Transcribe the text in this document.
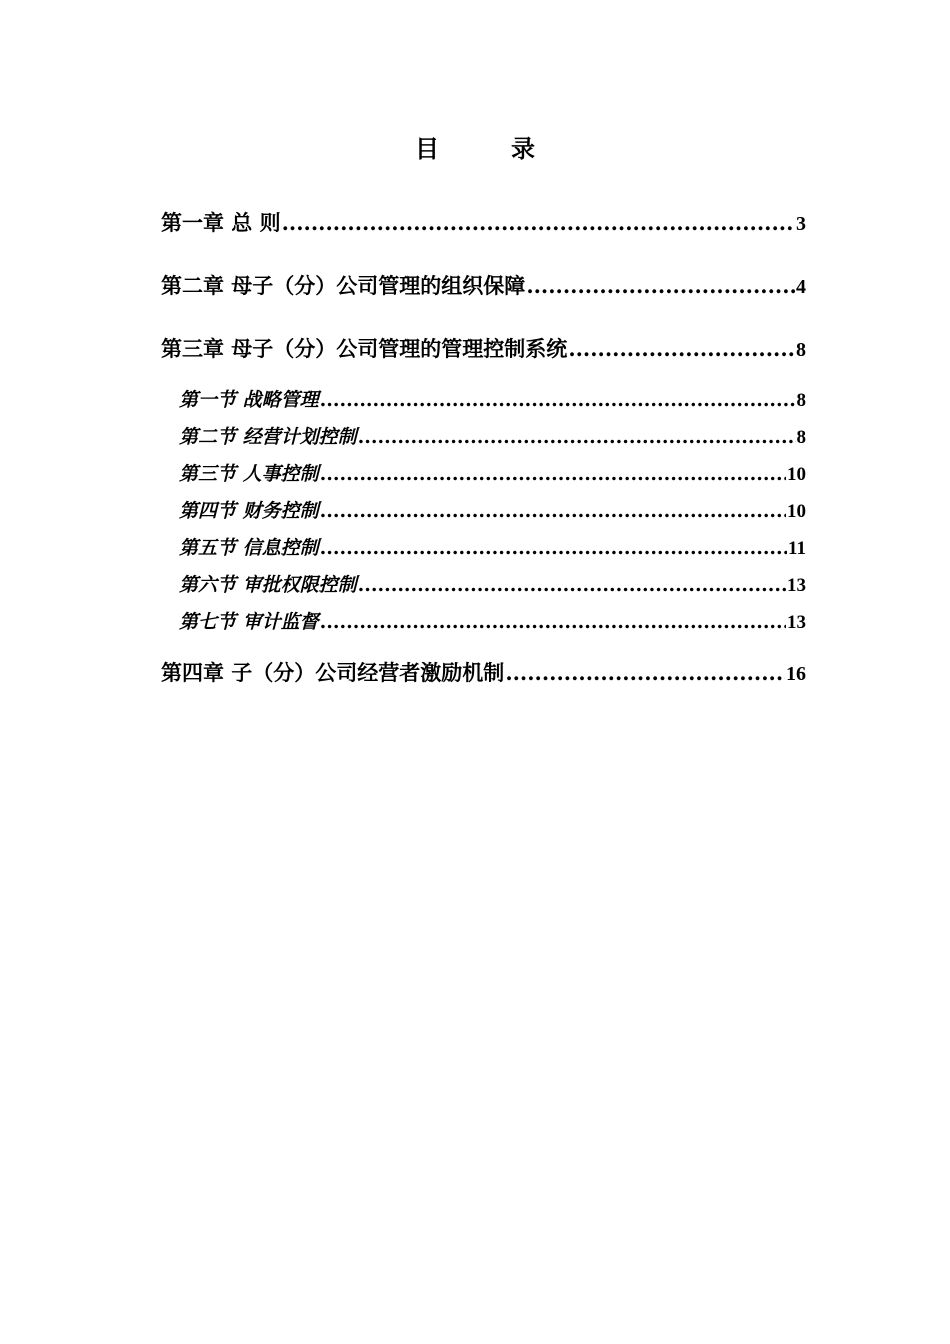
目　录
第一章 总 则 .....	3
第二章 母子（分）公司管理的组织保障 .....	4
第三章 母子（分）公司管理的管理控制系统 .....	8
第一节 战略管理 .....	8
第二节 经营计划控制 .....	8
第三节 人事控制 .....	10
第四节 财务控制 .....	10
第五节 信息控制 .....	11
第六节 审批权限控制 .....	13
第七节 审计监督 .....	13
第四章 子（分）公司经营者激励机制 .....	16
